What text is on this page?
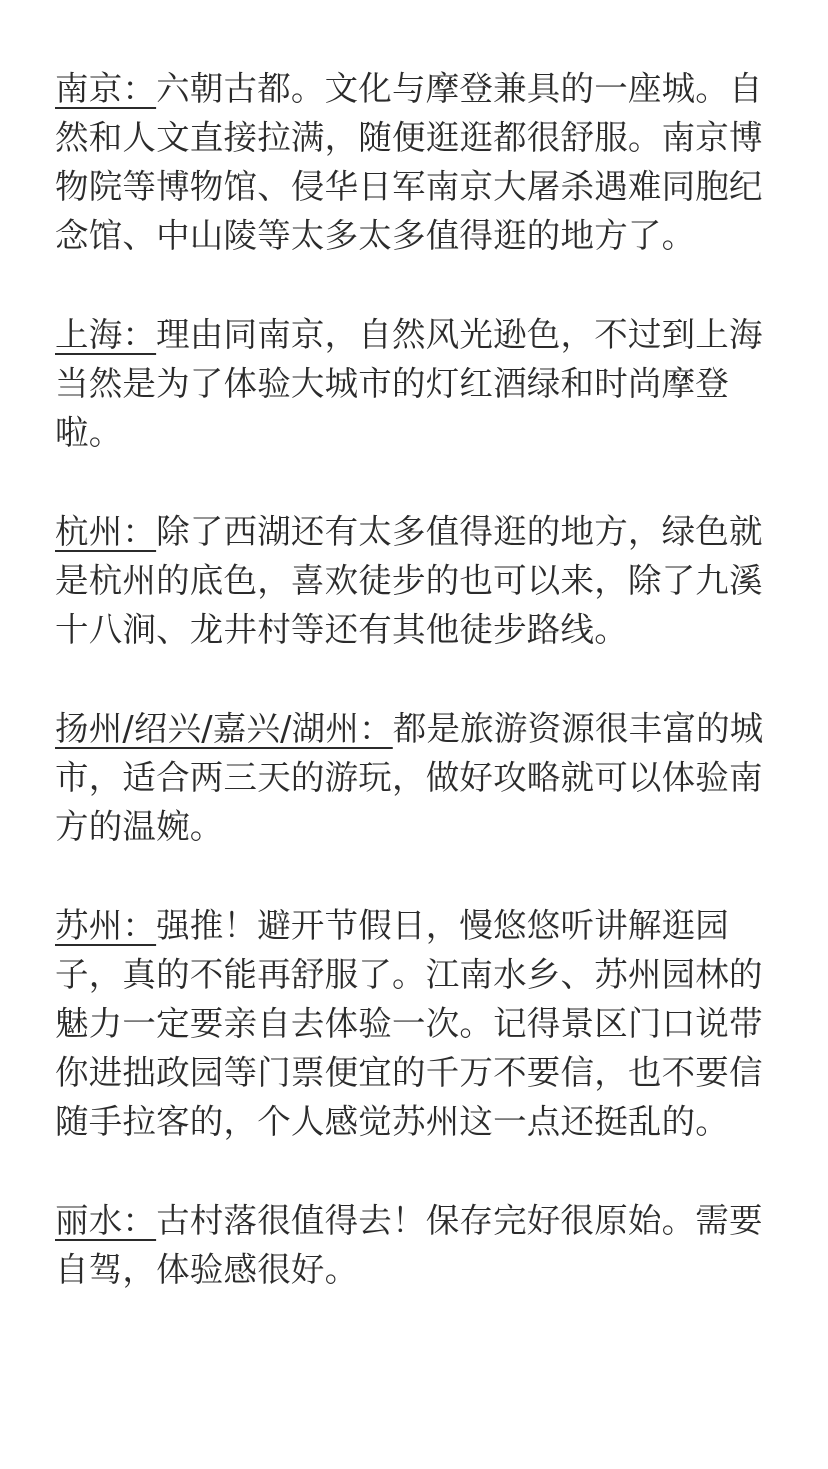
南京：六朝古都。文化与摩登兼具的一座城。自然和人文直接拉满，随便逛逛都很舒服。南京博物院等博物馆、侵华日军南京大屠杀遇难同胞纪念馆、中山陵等太多太多值得逛的地方了。

上海：理由同南京，自然风光逊色，不过到上海当然是为了体验大城市的灯红酒绿和时尚摩登啦。

杭州：除了西湖还有太多值得逛的地方，绿色就是杭州的底色，喜欢徒步的也可以来，除了九溪十八涧、龙井村等还有其他徒步路线。

扬州/绍兴/嘉兴/湖州：都是旅游资源很丰富的城市，适合两三天的游玩，做好攻略就可以体验南方的温婉。

苏州：强推！避开节假日，慢悠悠听讲解逛园子，真的不能再舒服了。江南水乡、苏州园林的魅力一定要亲自去体验一次。记得景区门口说带你进拙政园等门票便宜的千万不要信，也不要信随手拉客的，个人感觉苏州这一点还挺乱的。

丽水：古村落很值得去！保存完好很原始。需要自驾，体验感很好。
